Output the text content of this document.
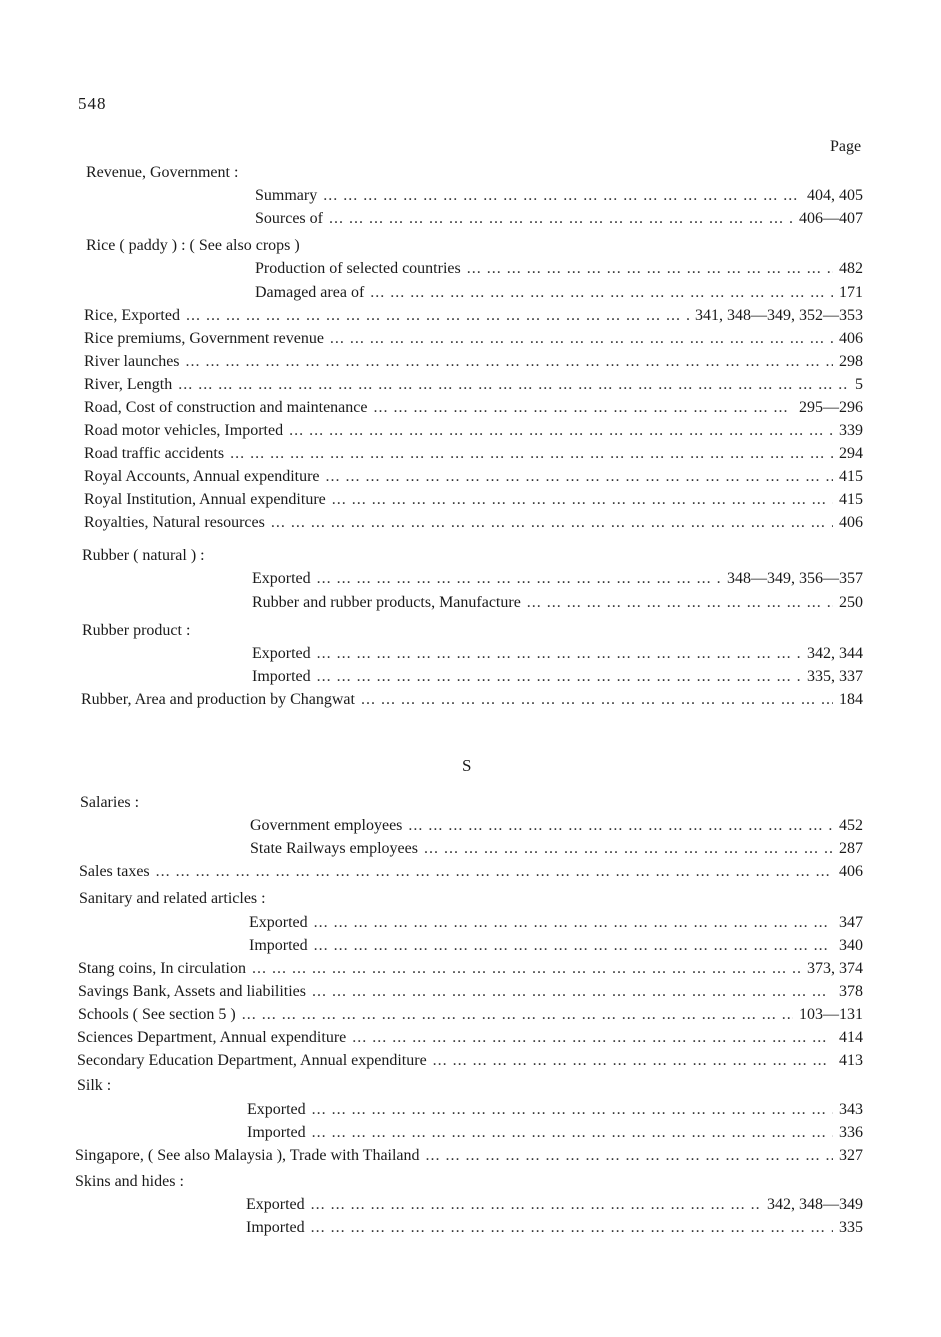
548
Page
S
Revenue, Government :
Summary ... .	404, 405
Sources of ... .	406—407
Rice ( paddy ) : ( See also crops )
Production of selected countries ... .	482
Damaged area of ... .	171
Rice, Exported ... .	341, 348—349, 352—353
Rice premiums, Government revenue ... .	406
River launches ... .	298
River, Length ... .	5
Road, Cost of construction and maintenance ... .	295—296
Road motor vehicles, Imported ... .	339
Road traffic accidents ... .	294
Royal Accounts, Annual expenditure ... .	415
Royal Institution, Annual expenditure ... .	415
Royalties, Natural resources ... .	406
Rubber ( natural ) :
Exported ... .	348—349, 356—357
Rubber and rubber products, Manufacture ... .	250
Rubber product :
Exported ... .	342, 344
Imported ... .	335, 337
Rubber, Area and production by Changwat ... .	184
Salaries :
Government employees ... .	452
State Railways employees ... .	287
Sales taxes ... .	406
Sanitary and related articles :
Exported ... .	347
Imported ... .	340
Stang coins, In circulation ... .	373, 374
Savings Bank, Assets and liabilities ... .	378
Schools ( See section 5 ) ... .	103—131
Sciences Department, Annual expenditure ... .	414
Secondary Education Department, Annual expenditure ... .	413
Silk :
Exported ... .	343
Imported ... .	336
Singapore, ( See also Malaysia ), Trade with Thailand ... .	327
Skins and hides :
Exported ... .	342, 348—349
Imported ... .	335
